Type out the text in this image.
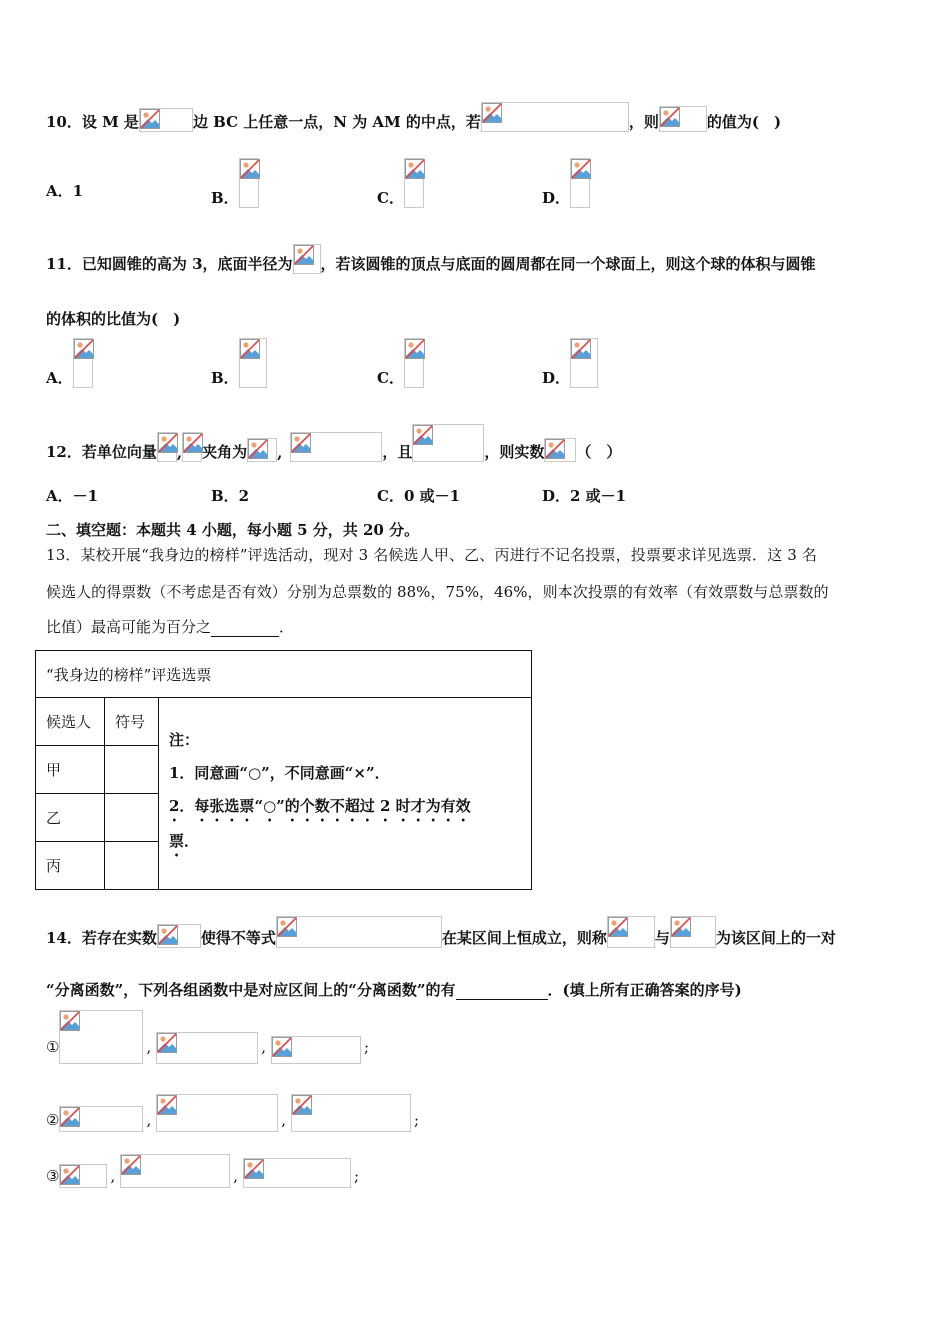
10．设 M 是	边 BC 上任意一点，N 为 AM 的中点，若	，则	的值为(　)
A．1	B．	C．	D．
11．已知圆锥的高为 3，底面半径为 ，若该圆锥的顶点与底面的圆周都在同一个球面上，则这个球的体积与圆锥
的体积的比值为(　)
A．	B．	C．	D．
12．若单位向量 , 夹角为 ,	，且	，则实数 （　）
A．－1	B．2	C．0 或－1	D．2 或－1
二、填空题：本题共 4 小题，每小题 5 分，共 20 分。
13．某校开展“我身边的榜样”评选活动，现对 3 名候选人甲、乙、丙进行不记名投票，投票要求详见选票．这 3 名
候选人的得票数（不考虑是否有效）分别为总票数的 88%，75%，46%，则本次投票的有效率（有效票数与总票数的
比值）最高可能为百分之	．
“我身边的榜样”评选选票		
候选人	符号	注：
1．同意画“○”，不同意画“×”．
2．每张选票“○”的个数不超过 2 时才为有效
票．

甲		
乙		
丙		
14．若存在实数	使得不等式	在某区间上恒成立，则称	与	为该区间上的一对
“分离函数”，下列各组函数中是对应区间上的“分离函数”的有	．(填上所有正确答案的序号)
①	,	,	;
②	,	,	;
③	,	,	;
